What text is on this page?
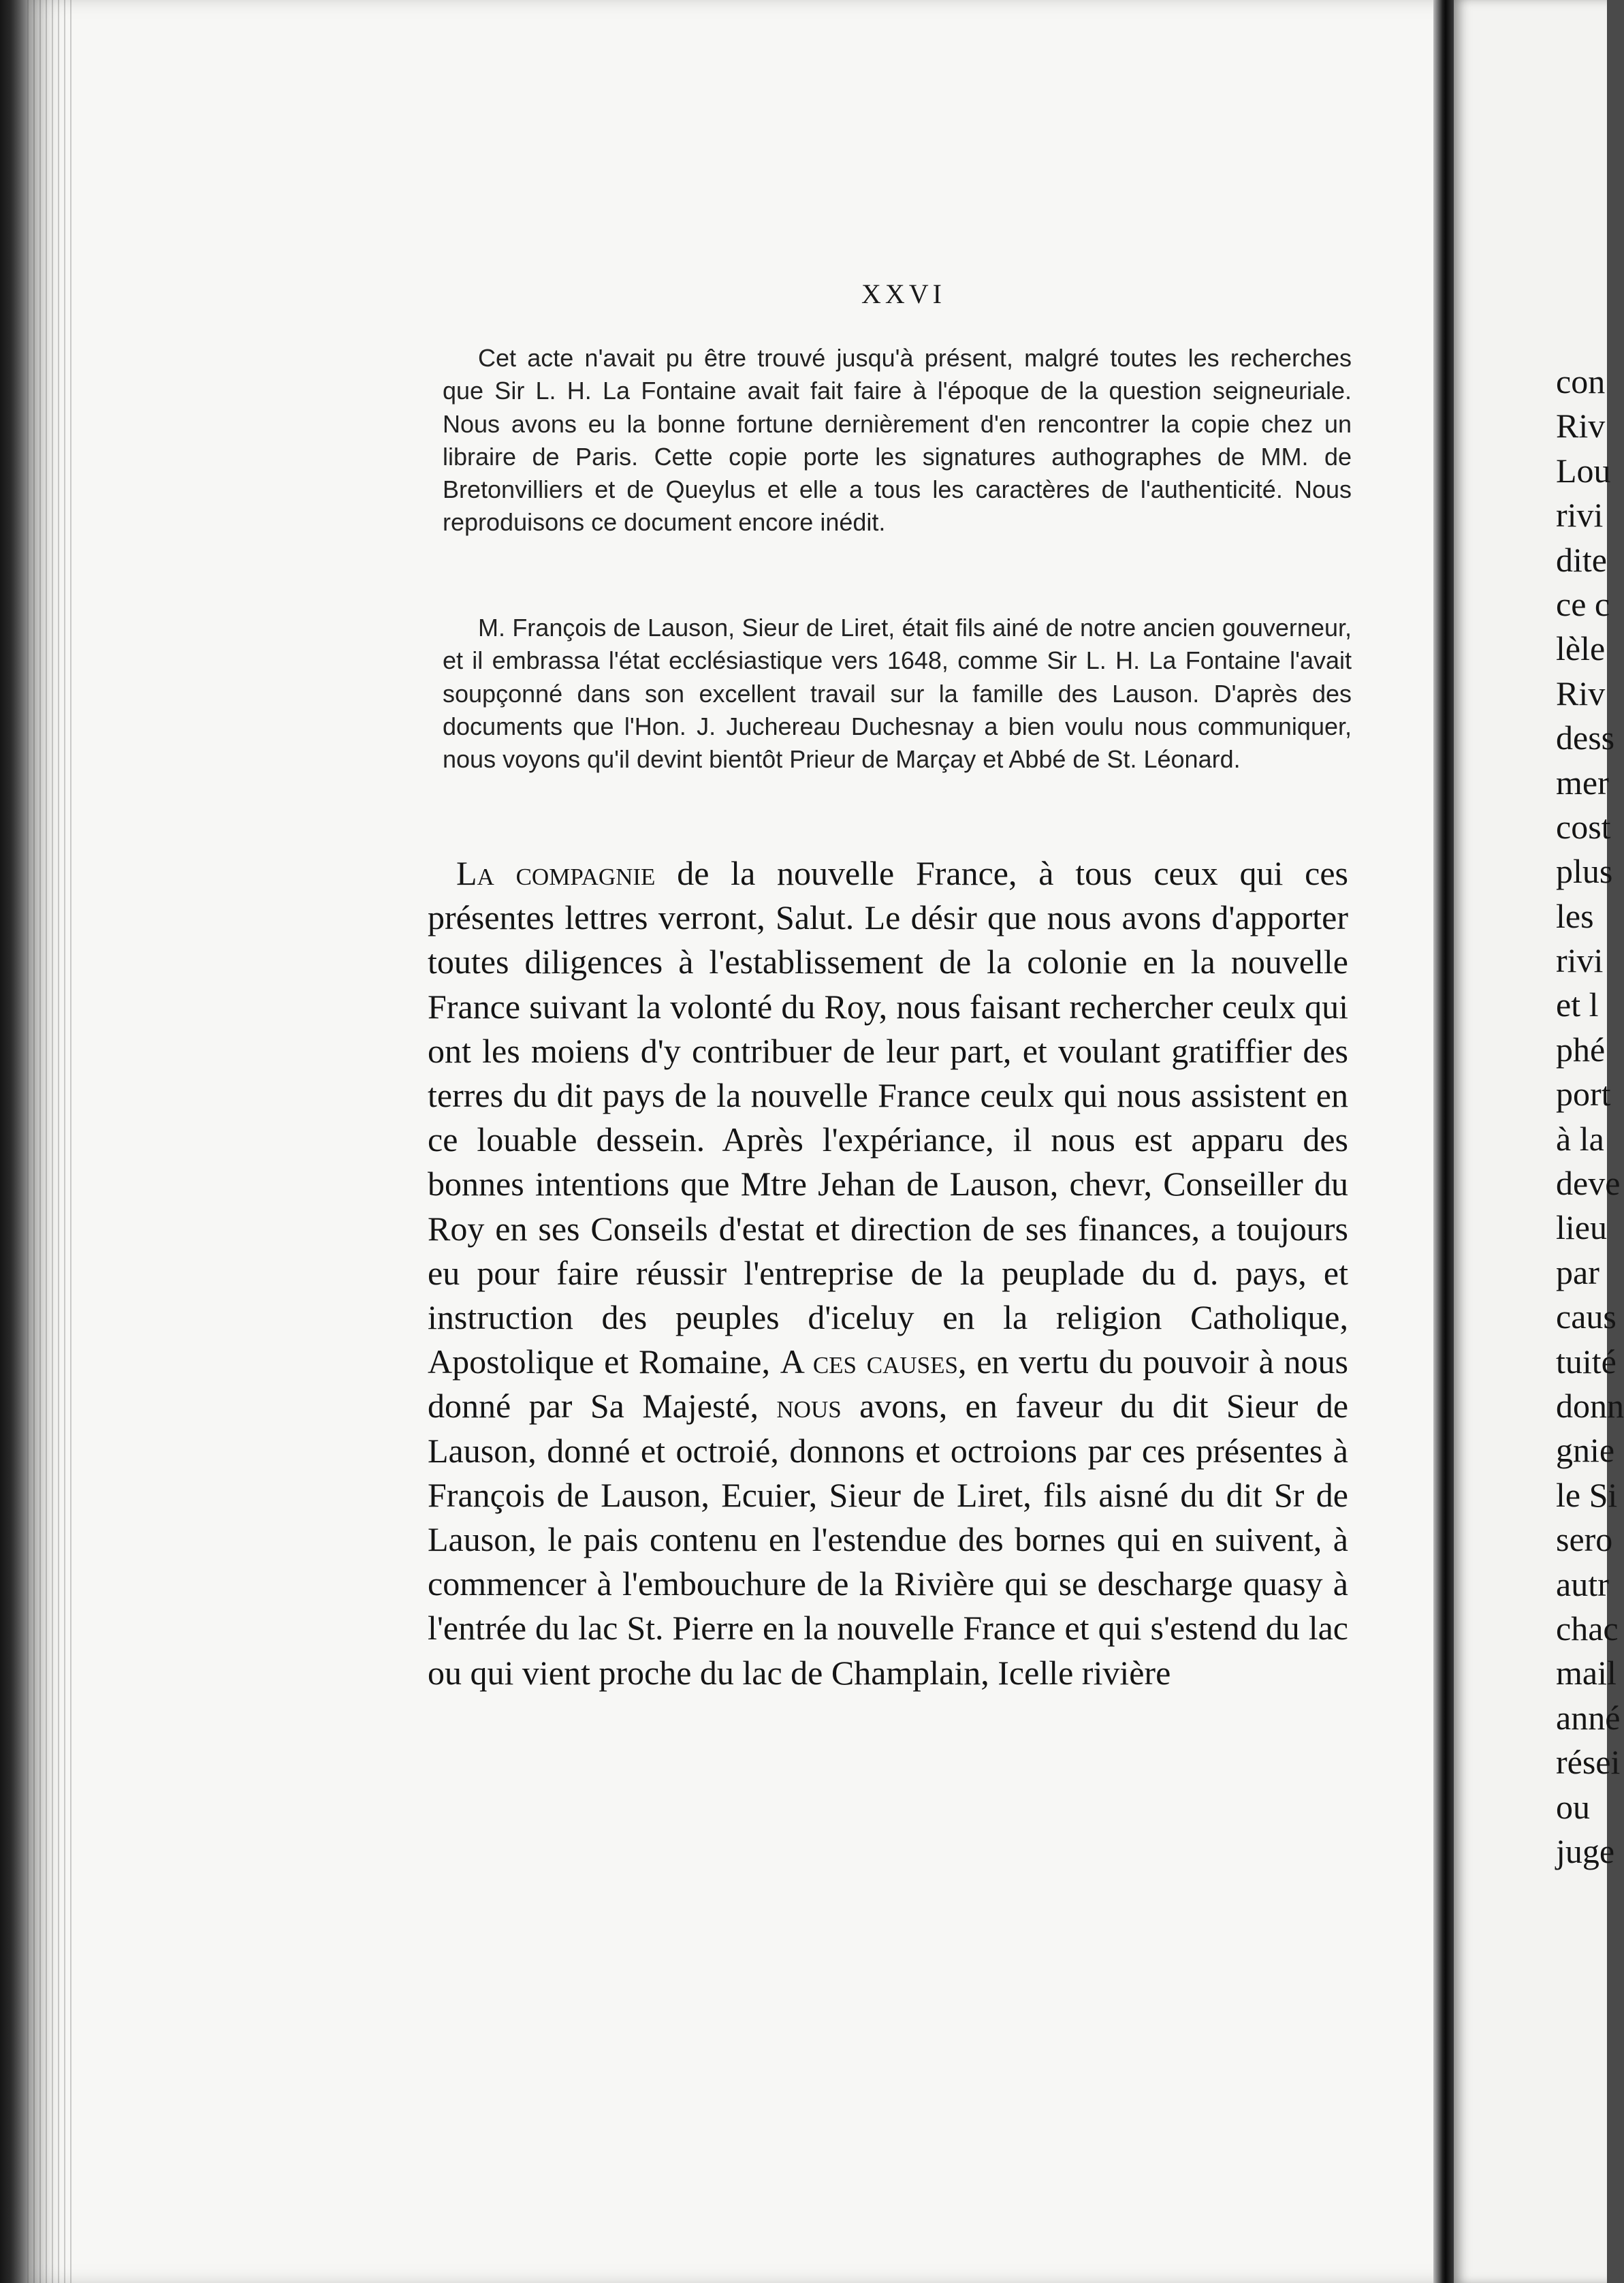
XXVI

Cet acte n'avait pu être trouvé jusqu'à présent, malgré toutes les recherches que Sir L. H. La Fontaine avait fait faire à l'époque de la question seigneuriale. Nous avons eu la bonne fortune dernièrement d'en rencontrer la copie chez un libraire de Paris. Cette copie porte les signatures authographes de MM. de Bretonvilliers et de Queylus et elle a tous les caractères de l'authenticité. Nous reproduisons ce document encore inédit.

M. François de Lauson, Sieur de Liret, était fils ainé de notre ancien gouverneur, et il embrassa l'état ecclésiastique vers 1648, comme Sir L. H. La Fontaine l'avait soupçonné dans son excellent travail sur la famille des Lauson. D'après des documents que l'Hon. J. Juchereau Duchesnay a bien voulu nous communiquer, nous voyons qu'il devint bientôt Prieur de Marçay et Abbé de St. Léonard.

La compagnie de la nouvelle France, à tous ceux qui ces présentes lettres verront, Salut. Le désir que nous avons d'apporter toutes diligences à l'establissement de la colonie en la nouvelle France suivant la volonté du Roy, nous faisant rechercher ceulx qui ont les moiens d'y contribuer de leur part, et voulant gratiffier des terres du dit pays de la nouvelle France ceulx qui nous assistent en ce louable dessein. Après l'expériance, il nous est apparu des bonnes intentions que Mtre Jehan de Lauson, chevr, Conseiller du Roy en ses Conseils d'estat et direction de ses finances, a toujours eu pour faire réussir l'entreprise de la peuplade du d. pays, et instruction des peuples d'iceluy en la religion Catholique, Apostolique et Romaine, A ces causes, en vertu du pouvoir à nous donné par Sa Majesté, nous avons, en faveur du dit Sieur de Lauson, donné et octroié, donnons et octroions par ces présentes à François de Lauson, Ecuier, Sieur de Liret, fils aisné du dit Sr de Lauson, le pais contenu en l'estendue des bornes qui en suivent, à commencer à l'embouchure de la Rivière qui se descharge quasy à l'entrée du lac St. Pierre en la nouvelle France et qui s'estend du lac ou qui vient proche du lac de Champlain, Icelle rivière

con
Riv
Lou
rivi
dite
ce c
lèle
Riv
dess
mer
cost
plus
les
rivi
et l
phé
port
à la
deve
lieu
par
caus
tuité
donn
gnie
le Si
sero
autr
chac
mail
anné
rései
ou
juge
